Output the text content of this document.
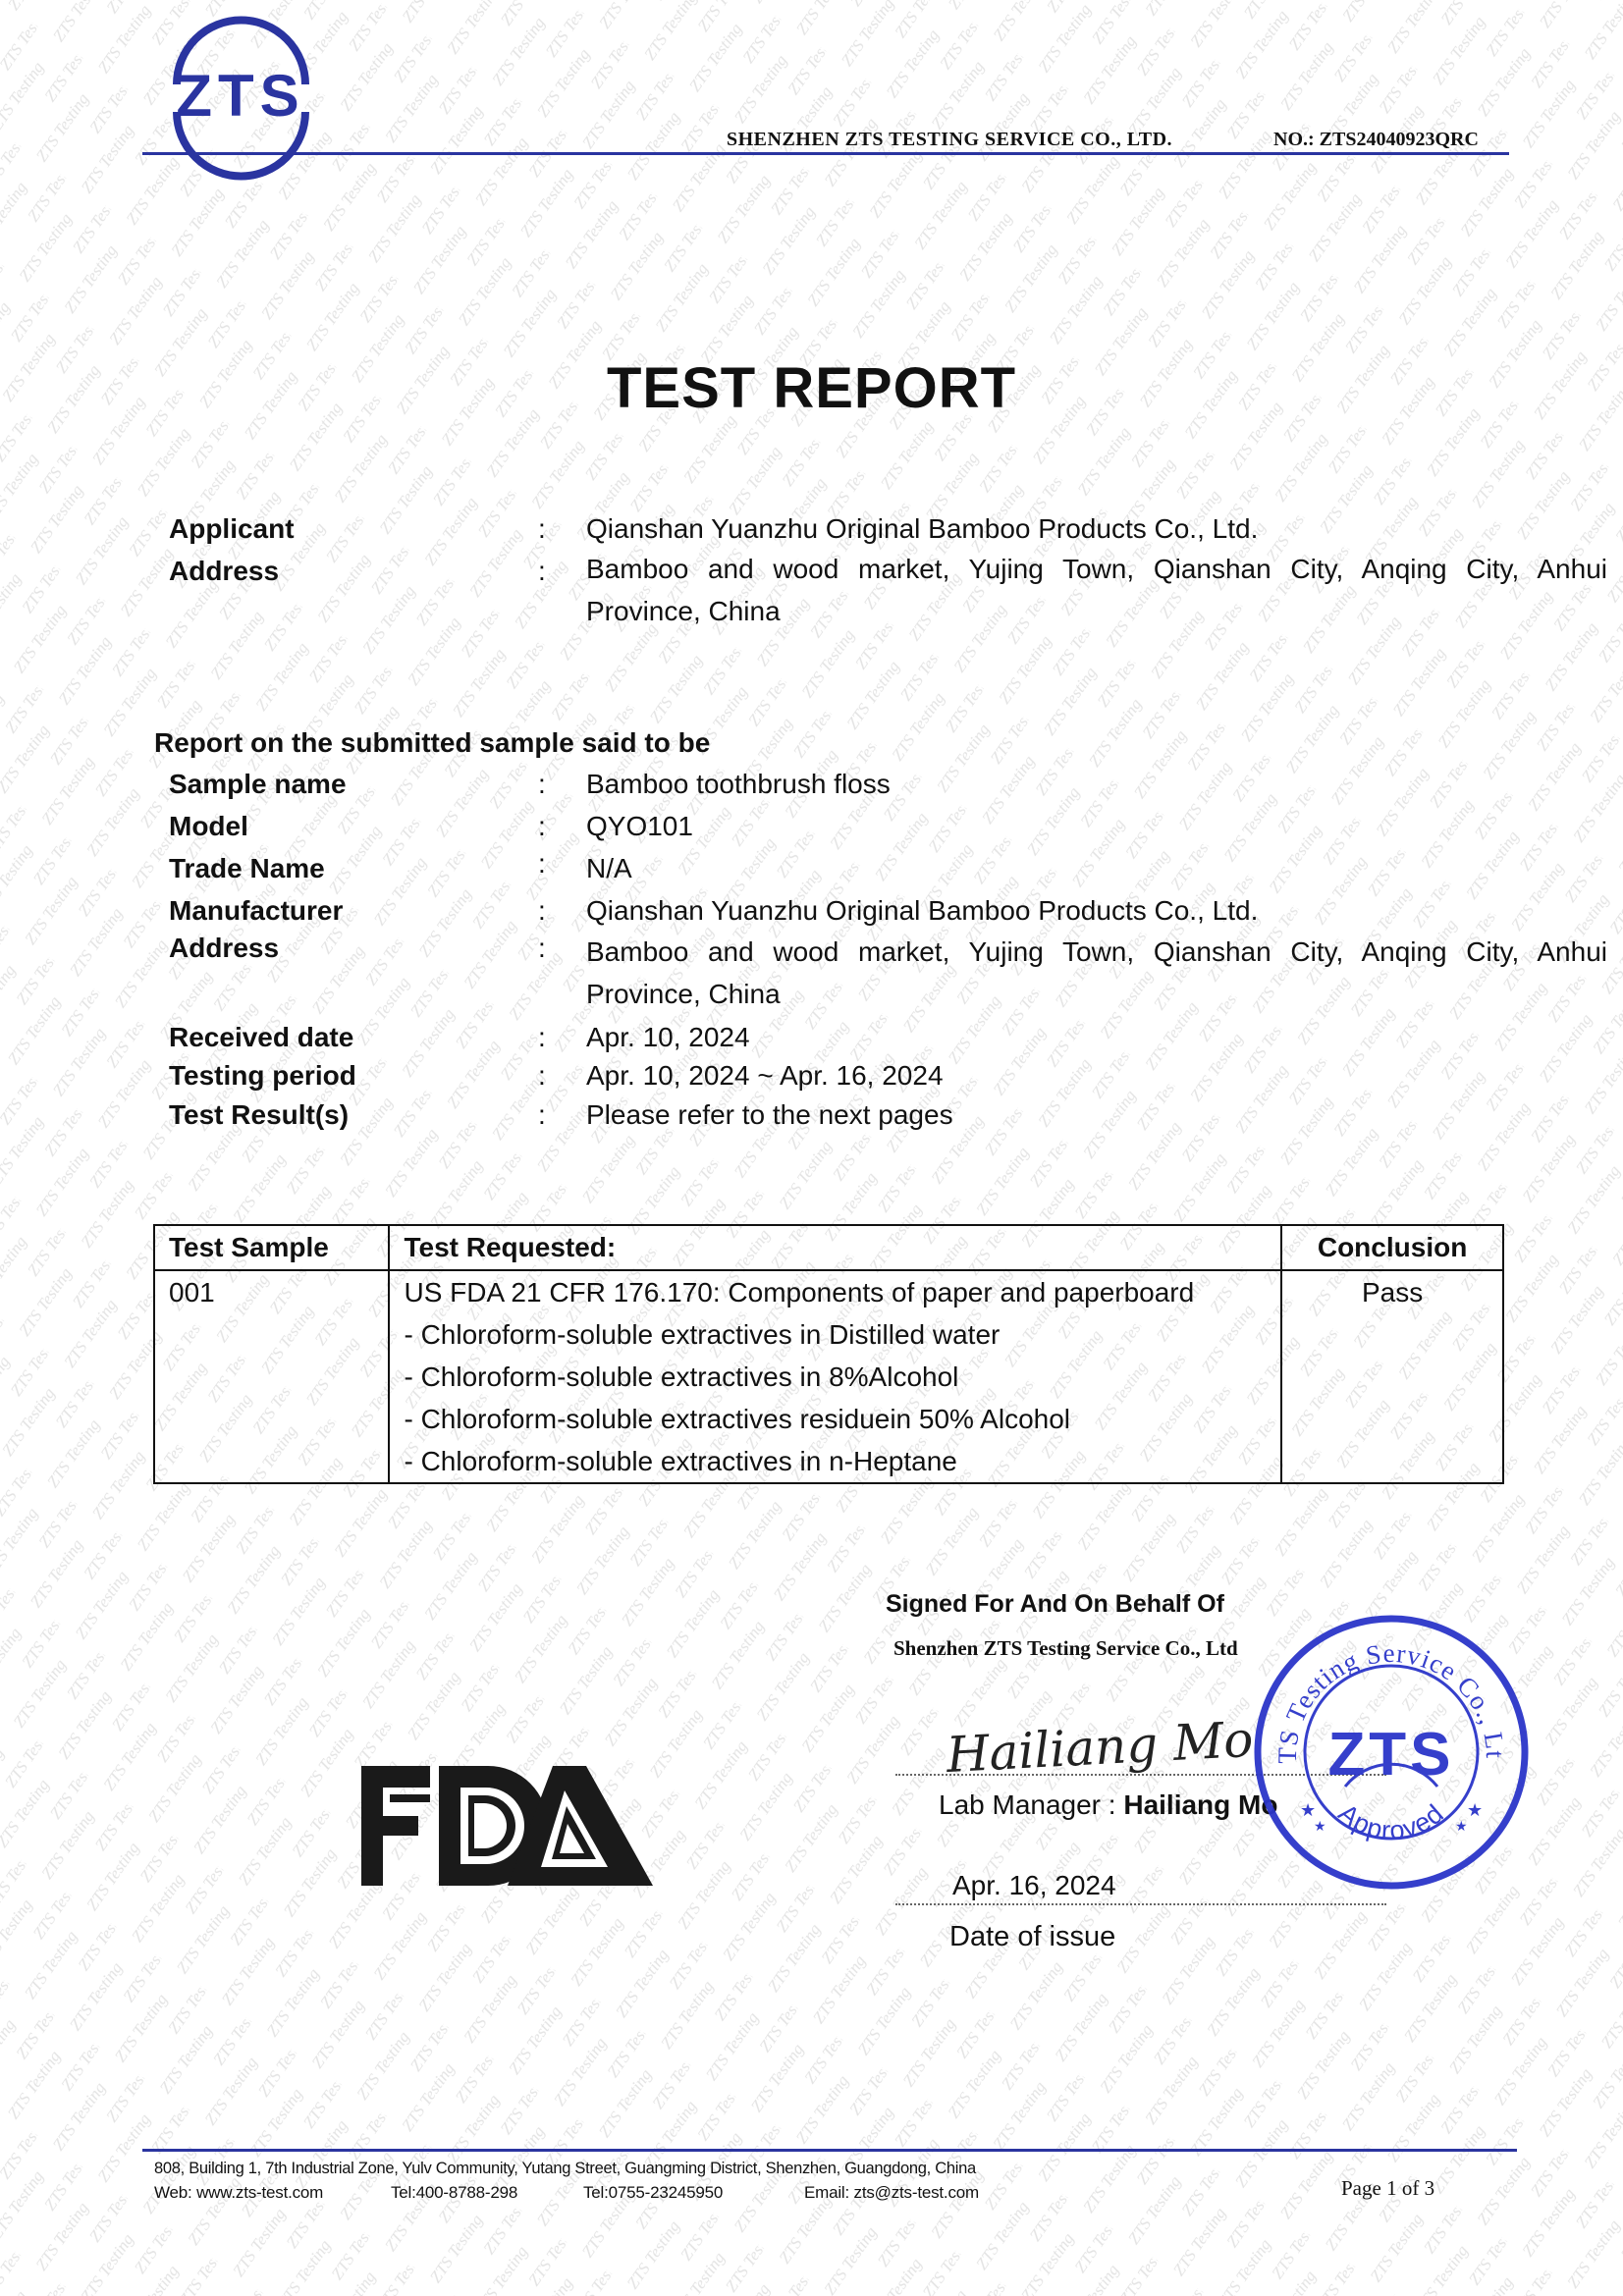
ZTS
SHENZHEN ZTS TESTING SERVICE CO., LTD.	NO.: ZTS24040923QRC
TEST REPORT
Applicant	: Qianshan Yuanzhu Original Bamboo Products Co., Ltd.
Address	: Bamboo and wood market, Yujing Town, Qianshan City, Anqing City, Anhui Province, China
Report on the submitted sample said to be
Sample name	: Bamboo toothbrush floss
Model	: QYO101
Trade Name	: N/A
Manufacturer	: Qianshan Yuanzhu Original Bamboo Products Co., Ltd.
Address	: Bamboo and wood market, Yujing Town, Qianshan City, Anqing City, Anhui Province, China
Received date	: Apr. 10, 2024
Testing period	: Apr. 10, 2024 ~ Apr. 16, 2024
Test Result(s)	: Please refer to the next pages
Test Sample	Test Requested:	Conclusion
001	US FDA 21 CFR 176.170: Components of paper and paperboard
- Chloroform-soluble extractives in Distilled water
- Chloroform-soluble extractives in 8%Alcohol
- Chloroform-soluble extractives residuein 50% Alcohol
- Chloroform-soluble extractives in n-Heptane	Pass
Signed For And On Behalf Of
Shenzhen ZTS Testing Service Co., Ltd
Hailiang Mo
Lab Manager : Hailiang Mo
Apr. 16, 2024
Date of issue
TS Testing Service Co., Lt
ZTS
Approved
★
★
★
★
808, Building 1, 7th Industrial Zone, Yulv Community, Yutang Street, Guangming District, Shenzhen, Guangdong, China
Web: www.zts-test.com	Tel:400-8788-298	Tel:0755-23245950	Email: zts@zts-test.com	Page 1 of 3
